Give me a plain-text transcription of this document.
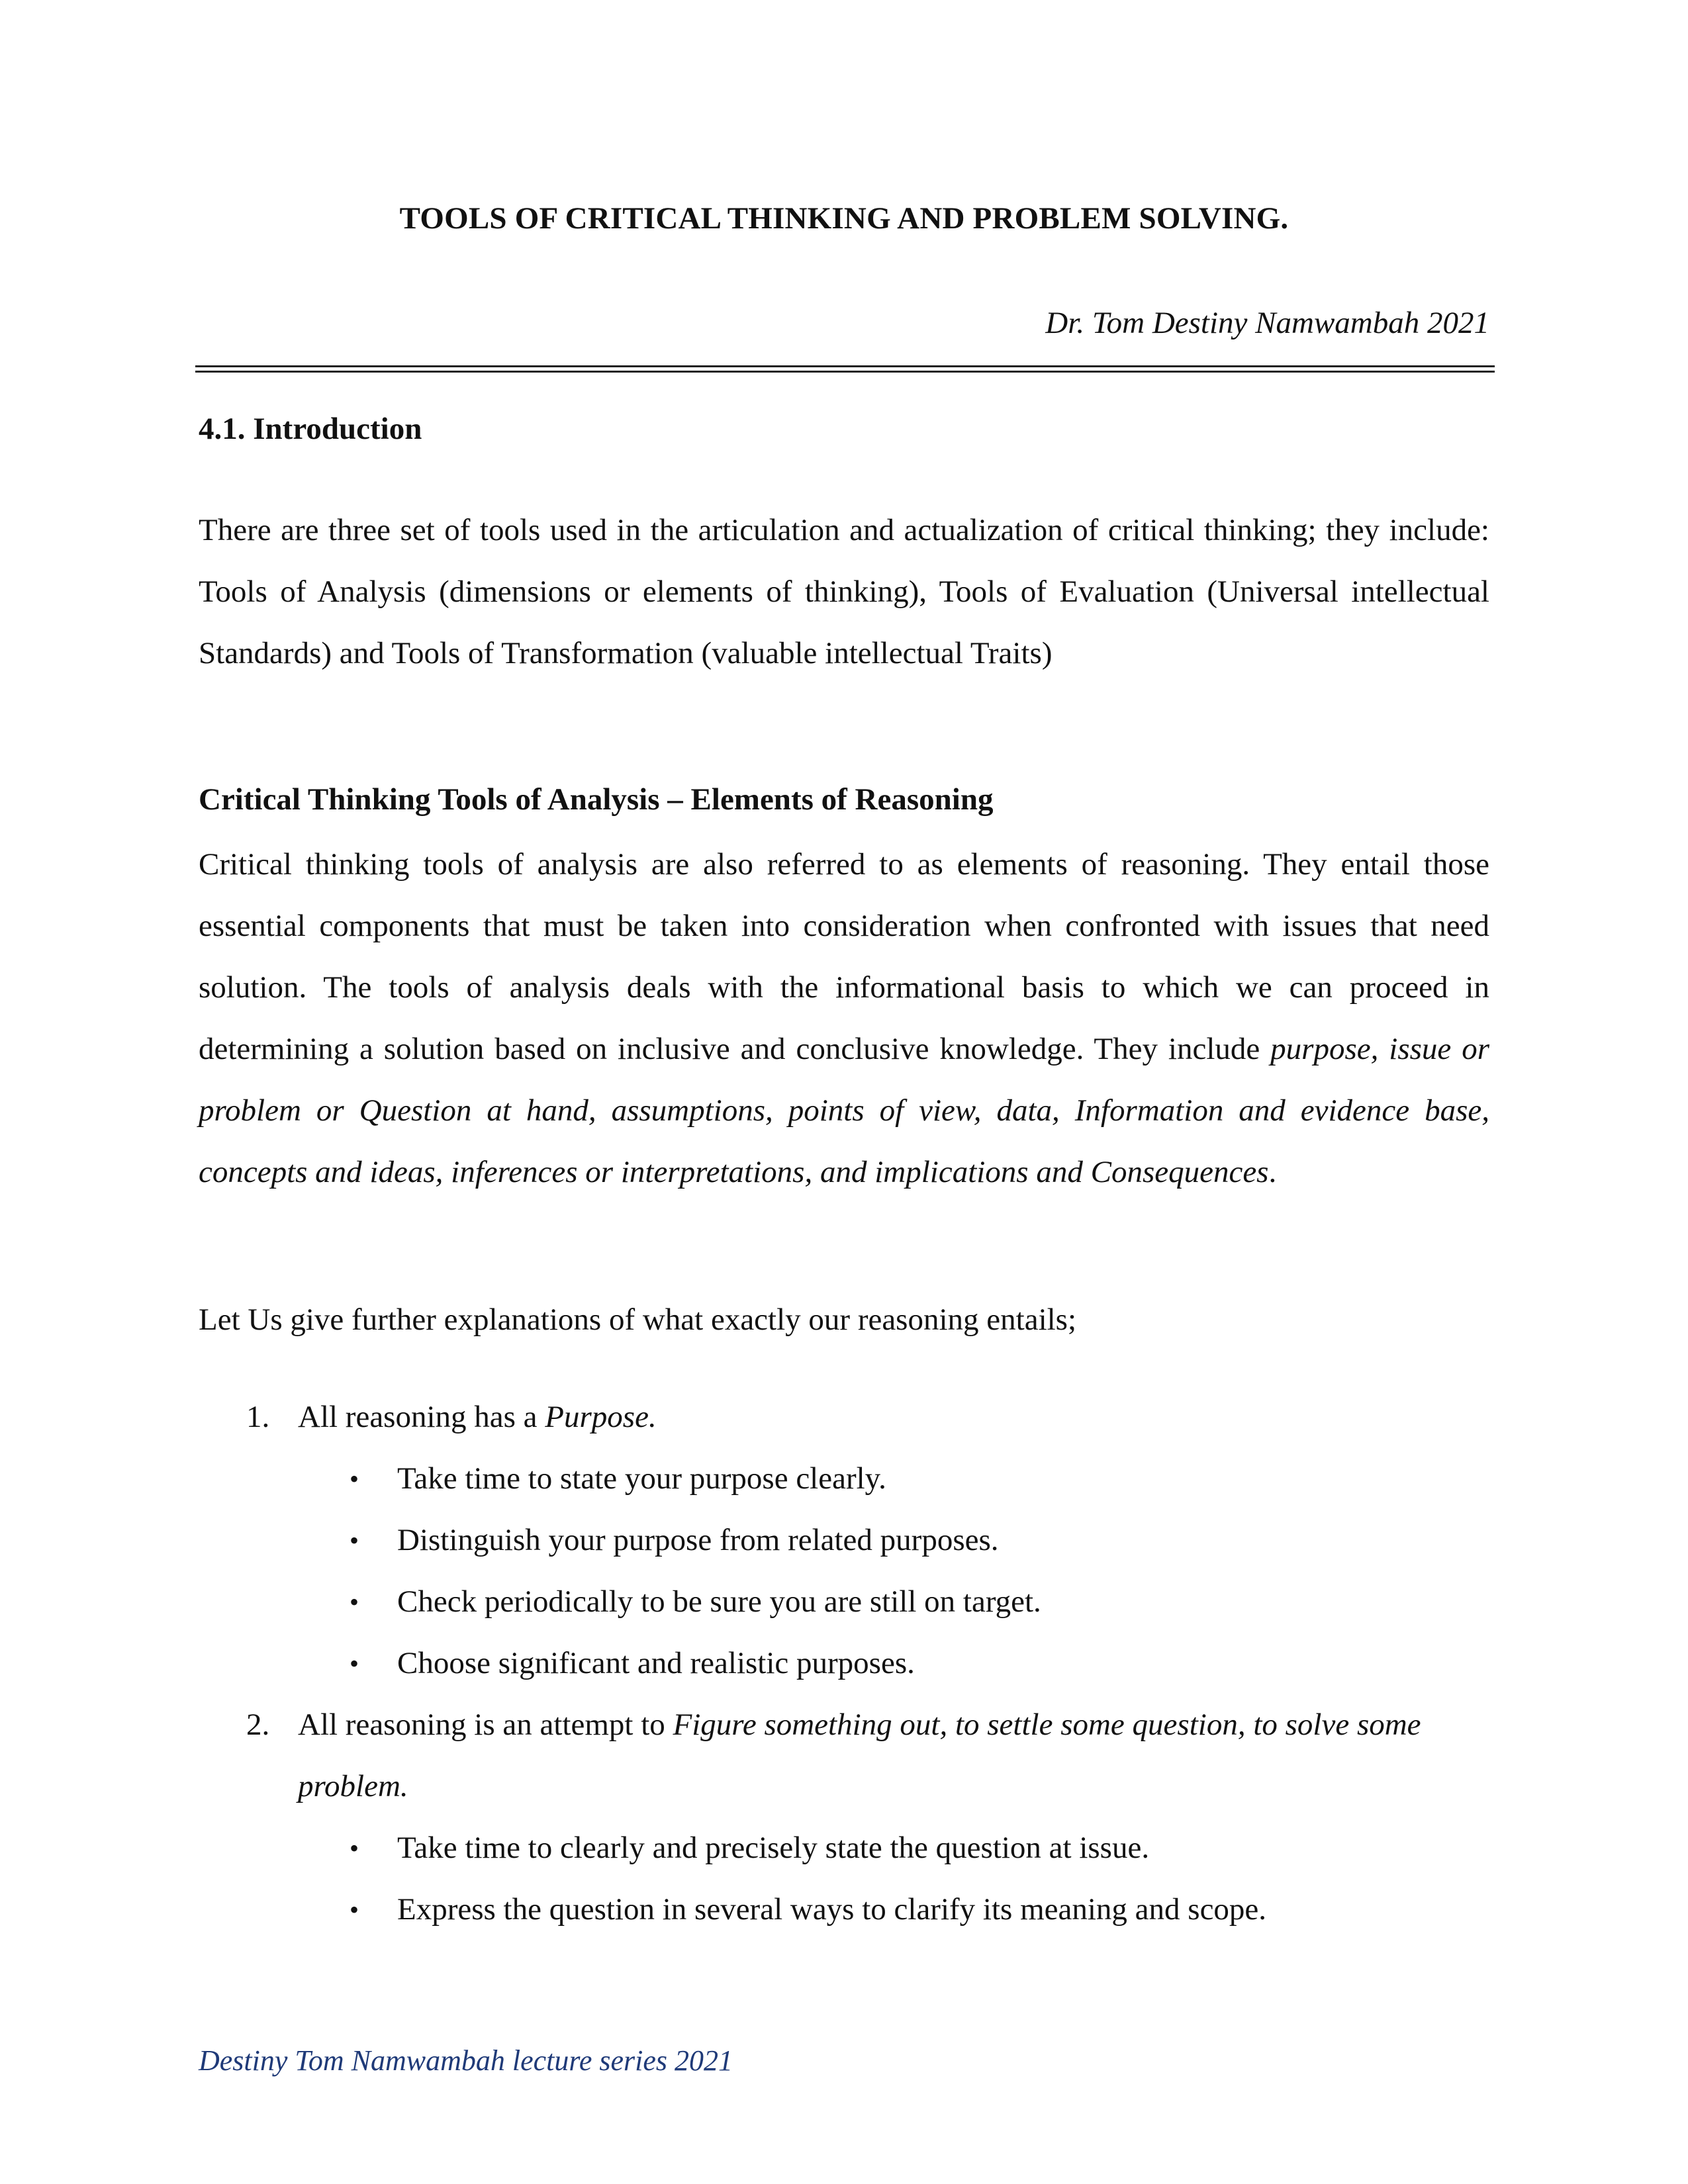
TOOLS OF CRITICAL THINKING AND PROBLEM SOLVING.
Dr. Tom Destiny Namwambah 2021
4.1. Introduction
There are three set of tools used in the articulation and actualization of critical thinking; they include: Tools of Analysis (dimensions or elements of thinking), Tools of Evaluation (Universal intellectual Standards) and Tools of Transformation (valuable intellectual Traits)
Critical Thinking Tools of Analysis – Elements of Reasoning
Critical thinking tools of analysis are also referred to as elements of reasoning. They entail those essential components that must be taken into consideration when confronted with issues that need solution. The tools of analysis deals with the informational basis to which we can proceed in determining a solution based on inclusive and conclusive knowledge. They include purpose, issue or problem or Question at hand, assumptions, points of view, data, Information and evidence base, concepts and ideas, inferences or interpretations, and implications and Consequences.
Let Us give further explanations of what exactly our reasoning entails;
1. All reasoning has a Purpose.
• Take time to state your purpose clearly.
• Distinguish your purpose from related purposes.
• Check periodically to be sure you are still on target.
• Choose significant and realistic purposes.
2. All reasoning is an attempt to Figure something out, to settle some question, to solve some problem.
• Take time to clearly and precisely state the question at issue.
• Express the question in several ways to clarify its meaning and scope.
Destiny Tom Namwambah lecture series 2021
